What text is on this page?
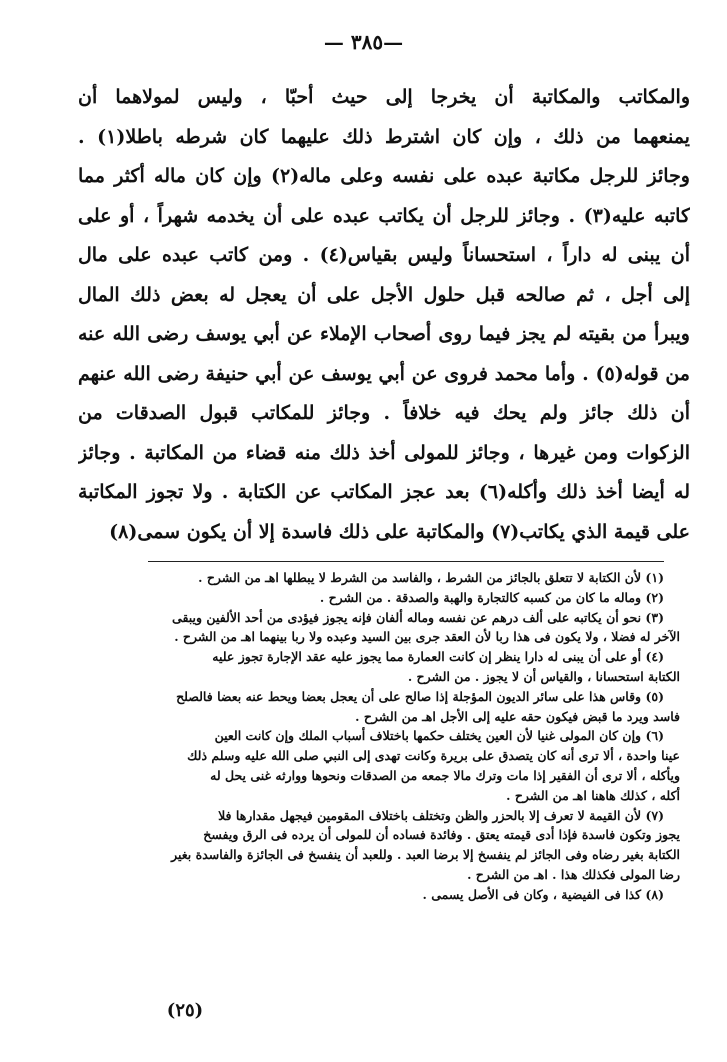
—٣٨٥ —
والمكاتب والمكاتبة أن يخرجا إلى حيث أحبّا ، وليس لمولاهما أن
يمنعهما من ذلك ، وإن كان اشترط ذلك عليهما كان شرطه باطلا(١) .
وجائز للرجل مكاتبة عبده على نفسه وعلى ماله(٢) وإن كان ماله أكثر مما
كاتبه عليه(٣) . وجائز للرجل أن يكاتب عبده على أن يخدمه شهراً ، أو على
أن يبنى له داراً ، استحساناً وليس بقياس(٤) . ومن كاتب عبده على مال
إلى أجل ، ثم صالحه قبل حلول الأجل على أن يعجل له بعض ذلك المال
ويبرأ من بقيته لم يجز فيما روى أصحاب الإملاء عن أبي يوسف رضى الله عنه
من قوله(٥) . وأما محمد فروى عن أبي يوسف عن أبي حنيفة رضى الله عنهم
أن ذلك جائز ولم يحك فيه خلافاً . وجائز للمكاتب قبول الصدقات من
الزكوات ومن غيرها ، وجائز للمولى أخذ ذلك منه قضاء من المكاتبة . وجائز
له أيضا أخذ ذلك وأكله(٦) بعد عجز المكاتب عن الكتابة . ولا تجوز المكاتبة
على قيمة الذي يكاتب(٧) والمكاتبة على ذلك فاسدة إلا أن يكون سمى(٨)
(١) لأن الكتابة لا تتعلق بالجائز من الشرط ، والفاسد من الشرط لا يبطلها اهـ من الشرح .
(٢) وماله ما كان من كسبه كالتجارة والهبة والصدقة . من الشرح .
(٣) نحو أن يكاتبه على ألف درهم عن نفسه وماله ألفان فإنه يجوز فيؤدى من أحد الألفين ويبقى
الآخر له فضلا ، ولا يكون فى هذا ربا لأن العقد جرى بين السيد وعبده ولا ربا بينهما اهـ من الشرح .
(٤) أو على أن يبنى له دارا ينظر إن كانت العمارة مما يجوز عليه عقد الإجارة تجوز عليه
الكتابة استحسانا ، والقياس أن لا يجوز . من الشرح .
(٥) وقاس هذا على سائر الديون المؤجلة إذا صالح على أن يعجل بعضا ويحط عنه بعضا فالصلح
فاسد ويرد ما قبض فيكون حقه عليه إلى الأجل اهـ من الشرح .
(٦) وإن كان المولى غنيا لأن العين يختلف حكمها باختلاف أسباب الملك وإن كانت العين
عينا واحدة ، ألا ترى أنه كان يتصدق على بريرة وكانت تهدى إلى النبي صلى الله عليه وسلم ذلك
ويأكله ، ألا ترى أن الفقير إذا مات وترك مالا جمعه من الصدقات ونحوها ووارثه غنى يحل له
أكله ، كذلك هاهنا اهـ من الشرح .
(٧) لأن القيمة لا تعرف إلا بالحزر والظن وتختلف باختلاف المقومين فيجهل مقدارها فلا
يجوز وتكون فاسدة فإذا أدى قيمته يعتق . وفائدة فساده أن للمولى أن يرده فى الرق ويفسخ
الكتابة بغير رضاه وفى الجائز لم ينفسخ إلا برضا العبد . وللعبد أن ينفسخ فى الجائزة والفاسدة بغير
رضا المولى فكذلك هذا . اهـ من الشرح .
(٨) كذا فى الفيضية ، وكان فى الأصل يسمى .
(٢٥)
